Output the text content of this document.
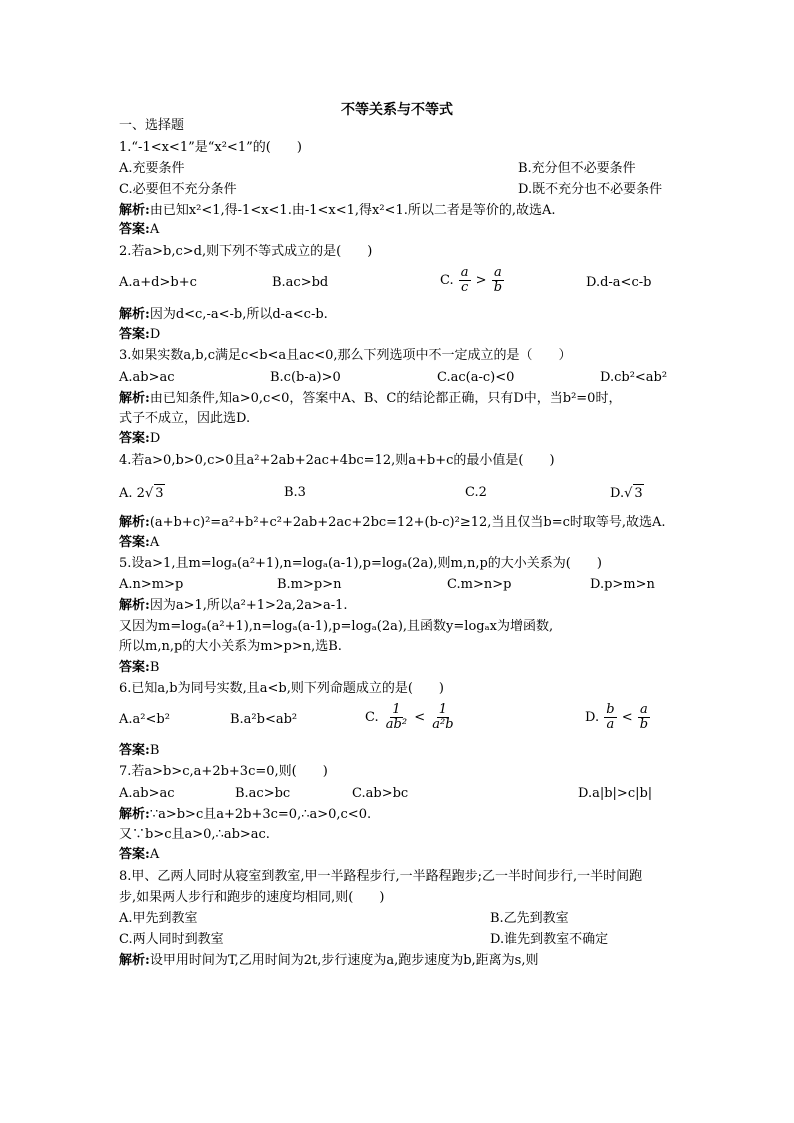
不等关系与不等式
一、选择题
1.“-1<x<1”是“x²<1”的(　　)
A.充要条件	B.充分但不必要条件
C.必要但不充分条件	D.既不充分也不必要条件
解析:由已知x²<1,得-1<x<1.由-1<x<1,得x²<1.所以二者是等价的,故选A.
答案:A
2.若a>b,c>d,则下列不等式成立的是(　　)
A.a+d>b+c	B.ac>bd	C. $\frac{a}{c} > \frac{a}{b}$	D.d-a<c-b
解析:因为d<c,-a<-b,所以d-a<c-b.
答案:D
3.如果实数a,b,c满足c<b<a且ac<0,那么下列选项中不一定成立的是（　　）
A.ab>ac	B.c(b-a)>0	C.ac(a-c)<0	D.cb²<ab²
解析:由已知条件,知a>0,c<0，答案中A、B、C的结论都正确，只有D中，当b²=0时，
式子不成立，因此选D.
答案:D
4.若a>0,b>0,c>0且a²+2ab+2ac+4bc=12,则a+b+c的最小值是(　　)
A. 2√ 3	B.3	C.2	D.√ 3
解析:(a+b+c)²=a²+b²+c²+2ab+2ac+2bc=12+(b-c)²≥12,当且仅当b=c时取等号,故选A.
答案:A
5.设a>1,且m=logₐ(a²+1),n=logₐ(a-1),p=logₐ(2a),则m,n,p的大小关系为(　　)
A.n>m>p	B.m>p>n	C.m>n>p	D.p>m>n
解析:因为a>1,所以a²+1>2a,2a>a-1.
又因为m=logₐ(a²+1),n=logₐ(a-1),p=logₐ(2a),且函数y=logₐx为增函数,
所以m,n,p的大小关系为m>p>n,选B.
答案:B
6.已知a,b为同号实数,且a<b,则下列命题成立的是(　　)
A.a²<b²	B.a²b<ab²	C. $\frac{1}{\text{ab²}} < \frac{1}{\text{a²b}}$	D. $\frac{b}{a} < \frac{a}{b}$
答案:B
7.若a>b>c,a+2b+3c=0,则(　　)
A.ab>ac	B.ac>bc	C.ab>bc	D.a|b|>c|b|
解析:∵a>b>c且a+2b+3c=0,∴a>0,c<0.
又∵b>c且a>0,∴ab>ac.
答案:A
8.甲、乙两人同时从寝室到教室,甲一半路程步行,一半路程跑步;乙一半时间步行,一半时间跑
步,如果两人步行和跑步的速度均相同,则(　　)
A.甲先到教室	B.乙先到教室
C.两人同时到教室	D.谁先到教室不确定
解析:设甲用时间为T,乙用时间为2t,步行速度为a,跑步速度为b,距离为s,则
